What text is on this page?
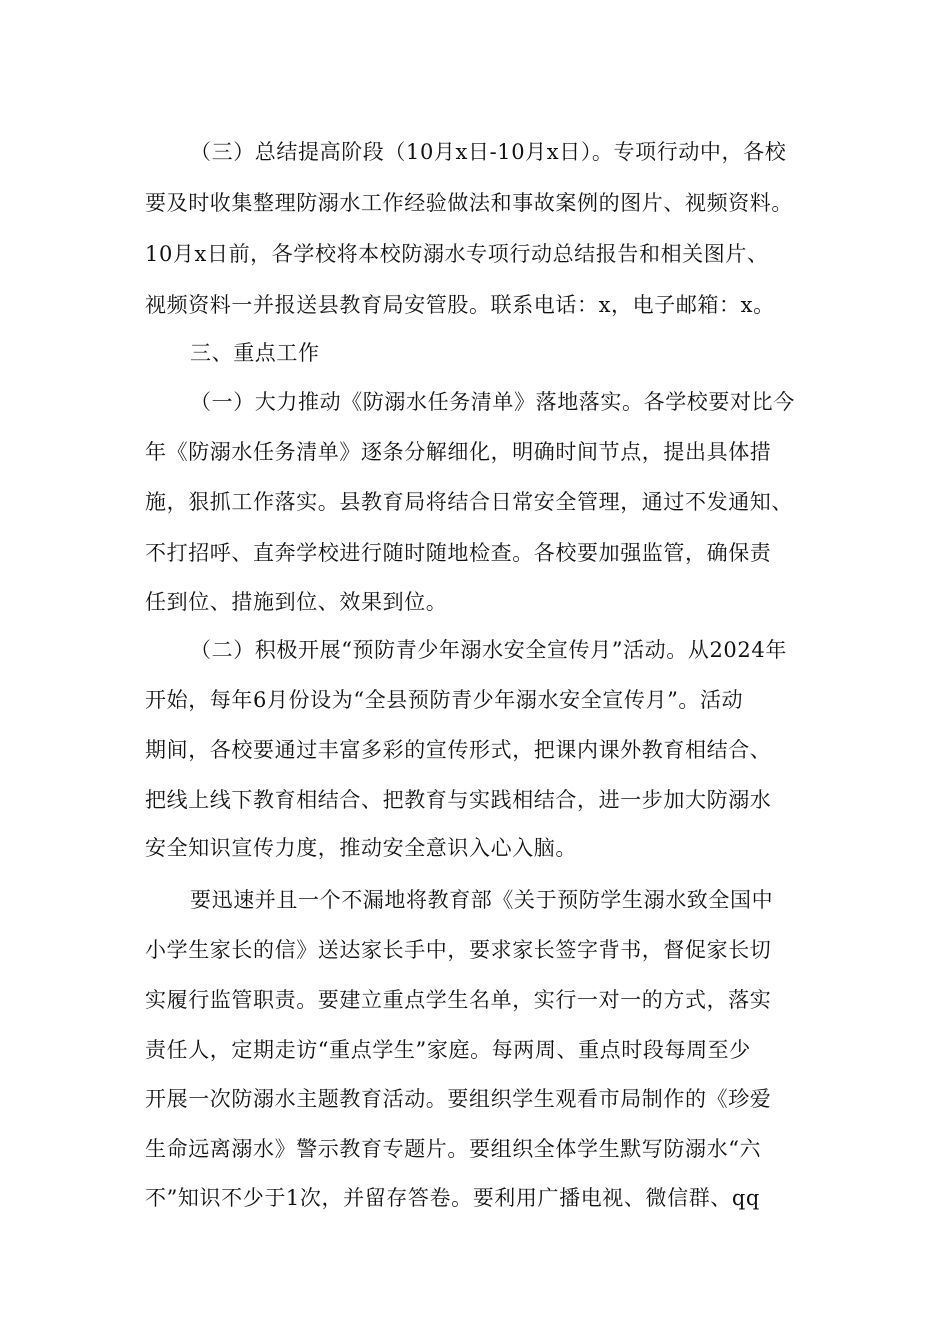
（三）总结提高阶段（10月x日-10月x日）。专项行动中，各校
要及时收集整理防溺水工作经验做法和事故案例的图片、视频资料。
10月x日前，各学校将本校防溺水专项行动总结报告和相关图片、
视频资料一并报送县教育局安管股。联系电话：x，电子邮箱：x。
三、重点工作
（一）大力推动《防溺水任务清单》落地落实。各学校要对比今
年《防溺水任务清单》逐条分解细化，明确时间节点，提出具体措
施，狠抓工作落实。县教育局将结合日常安全管理，通过不发通知、
不打招呼、直奔学校进行随时随地检查。各校要加强监管，确保责
任到位、措施到位、效果到位。
（二）积极开展“预防青少年溺水安全宣传月”活动。从2024年
开始，每年6月份设为“全县预防青少年溺水安全宣传月”。活动
期间，各校要通过丰富多彩的宣传形式，把课内课外教育相结合、
把线上线下教育相结合、把教育与实践相结合，进一步加大防溺水
安全知识宣传力度，推动安全意识入心入脑。
要迅速并且一个不漏地将教育部《关于预防学生溺水致全国中
小学生家长的信》送达家长手中，要求家长签字背书，督促家长切
实履行监管职责。要建立重点学生名单，实行一对一的方式，落实
责任人，定期走访“重点学生”家庭。每两周、重点时段每周至少
开展一次防溺水主题教育活动。要组织学生观看市局制作的《珍爱
生命远离溺水》警示教育专题片。要组织全体学生默写防溺水“六
不”知识不少于1次，并留存答卷。要利用广播电视、微信群、qq
